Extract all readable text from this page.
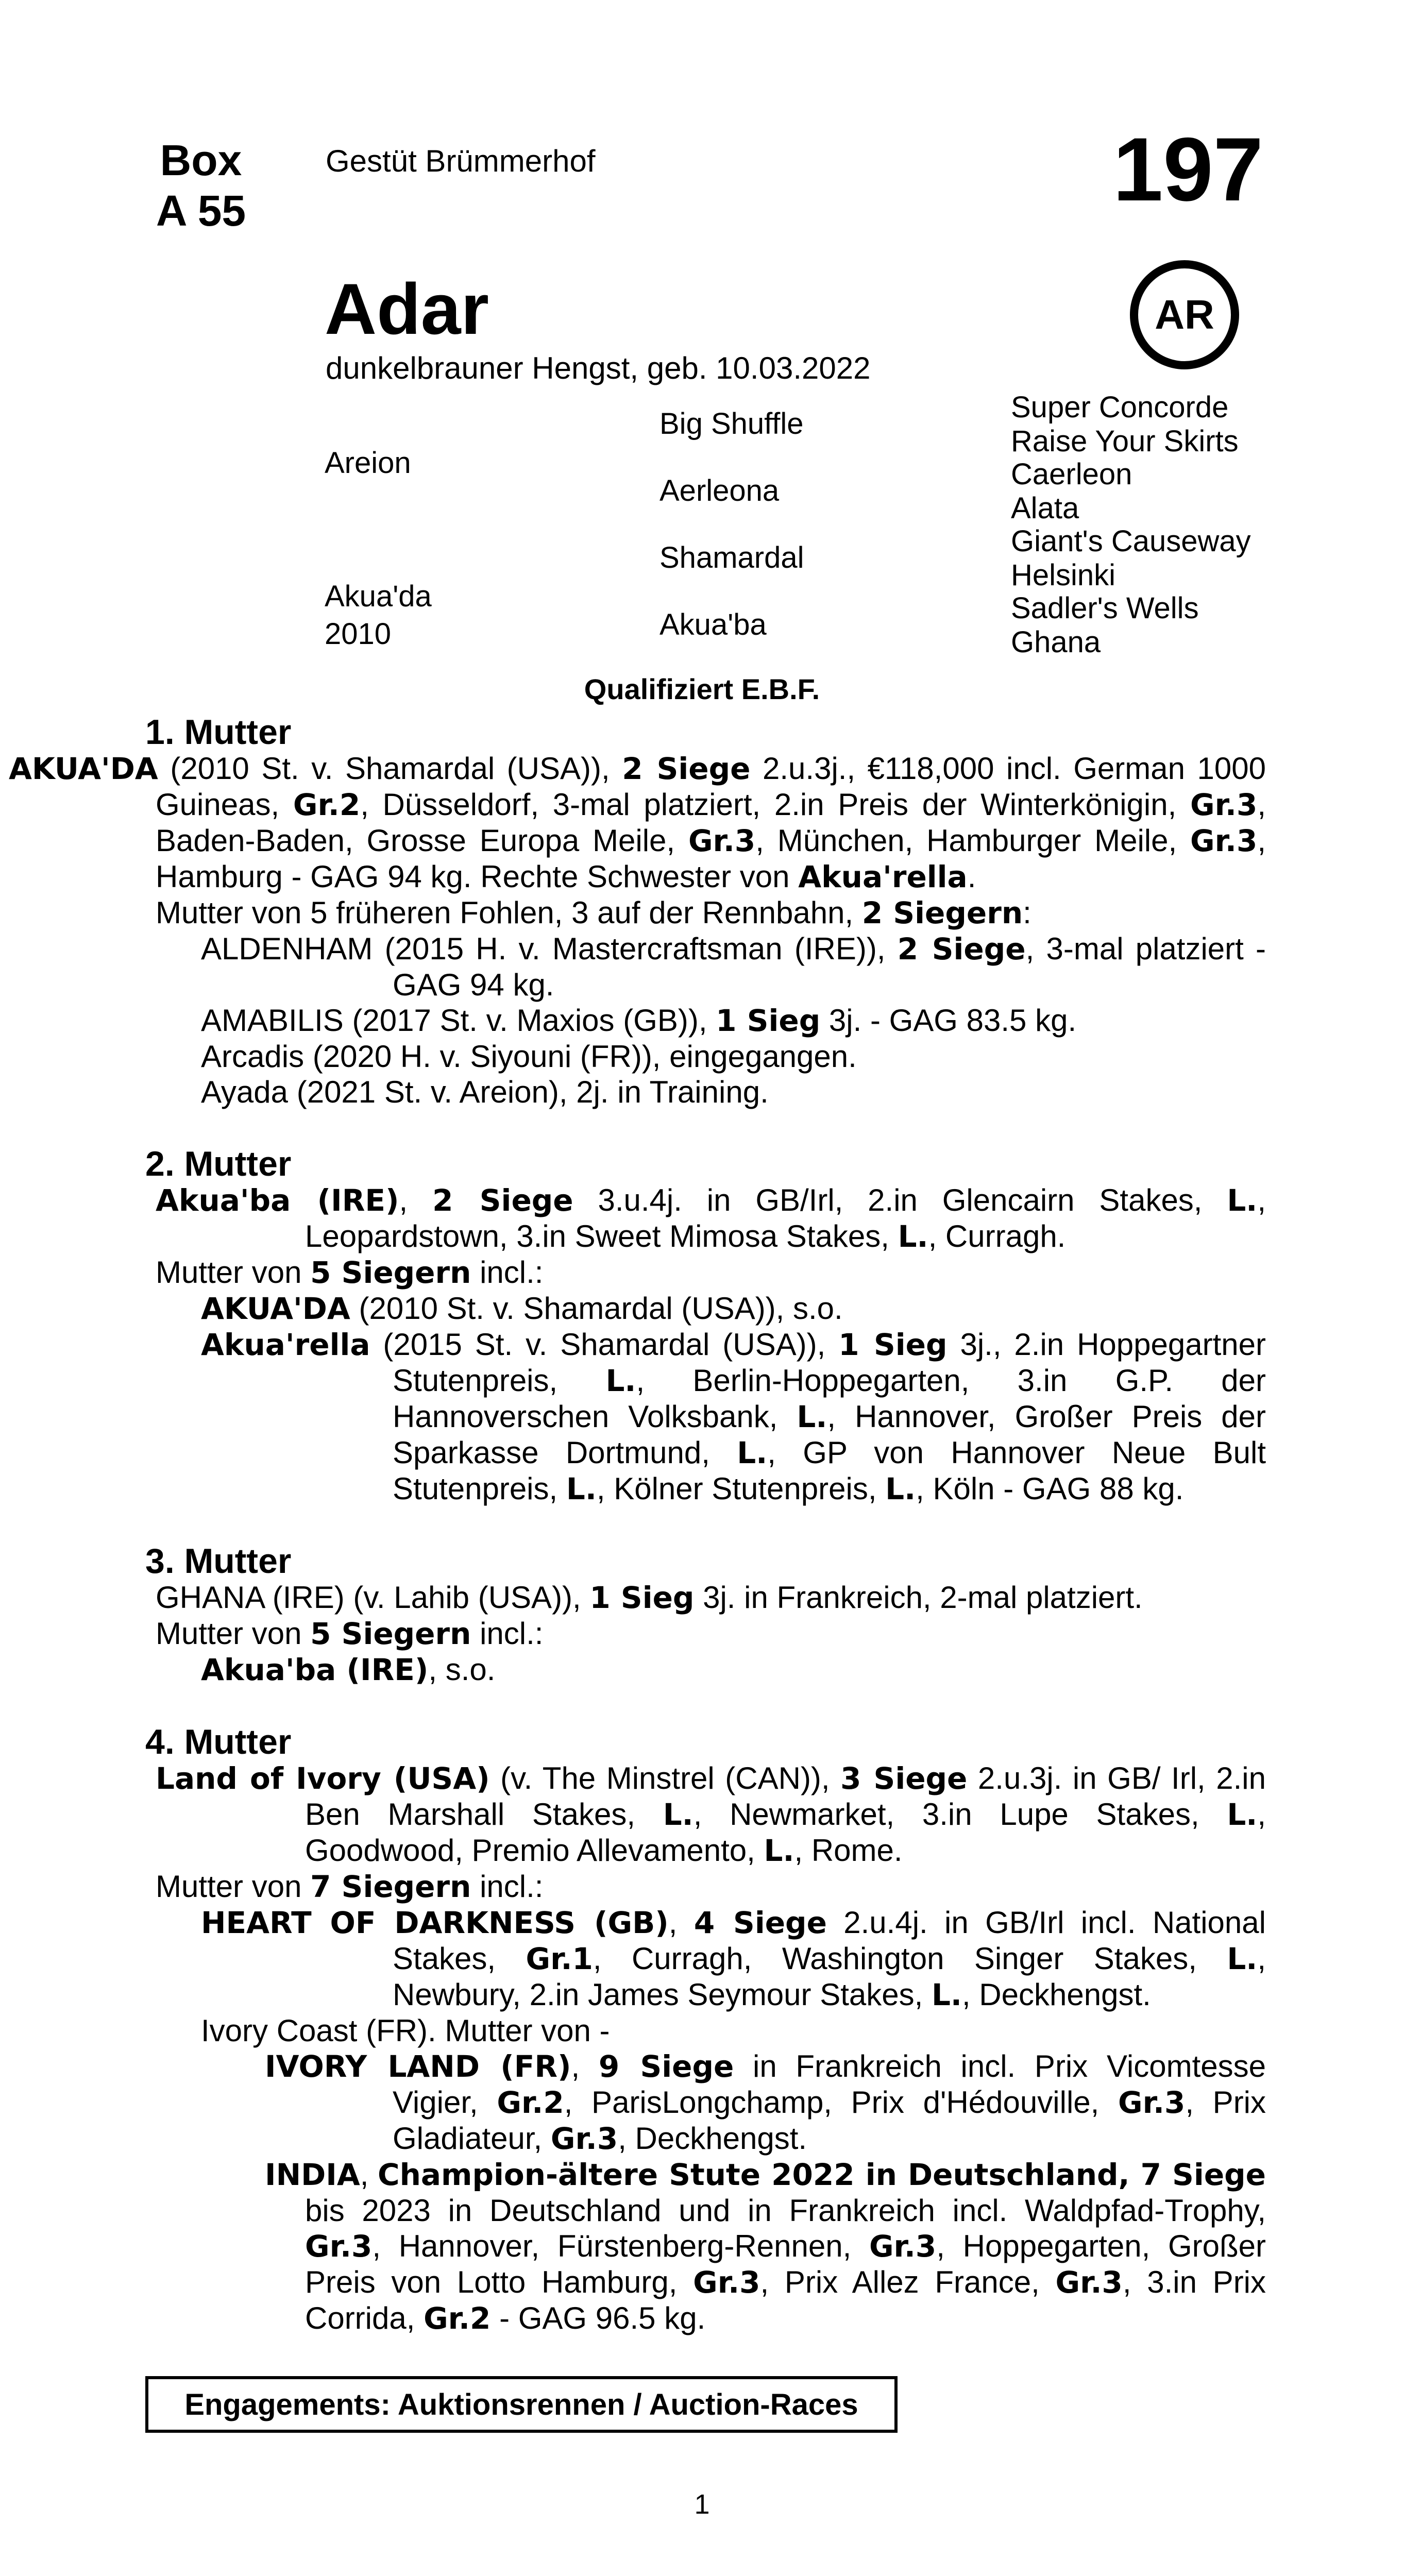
Box
A 55
Gestüt Brümmerhof	197
Adar
dunkelbrauner Hengst, geb. 10.03.2022
AR
Areion
Akua'da
2010
Big Shuffle
Aerleona
Shamardal
Akua'ba
Super Concorde
Raise Your Skirts
Caerleon
Alata
Giant's Causeway
Helsinki
Sadler's Wells
Ghana
Qualifiziert E.B.F.
1. Mutter

AKUA'DA (2010 St. v. Shamardal (USA)), 2 Siege 2.u.3j., €118,000 incl. German 1000 Guineas, Gr.2, Düsseldorf, 3-mal platziert, 2.in Preis der Winterkönigin, Gr.3, Baden-Baden, Grosse Europa Meile, Gr.3, München, Hamburger Meile, Gr.3, Hamburg - GAG 94 kg. Rechte Schwester von Akua'rella.

Mutter von 5 früheren Fohlen, 3 auf der Rennbahn, 2 Siegern:

ALDENHAM (2015 H. v. Mastercraftsman (IRE)), 2 Siege, 3-mal platziert - GAG 94 kg.

AMABILIS (2017 St. v. Maxios (GB)), 1 Sieg 3j. - GAG 83.5 kg.

Arcadis (2020 H. v. Siyouni (FR)), eingegangen.

Ayada (2021 St. v. Areion), 2j. in Training.

2. Mutter

Akua'ba (IRE), 2 Siege 3.u.4j. in GB/Irl, 2.in Glencairn Stakes, L., Leopardstown, 3.in Sweet Mimosa Stakes, L., Curragh.

Mutter von 5 Siegern incl.:

AKUA'DA (2010 St. v. Shamardal (USA)), s.o.

Akua'rella (2015 St. v. Shamardal (USA)), 1 Sieg 3j., 2.in Hoppegartner Stutenpreis, L., Berlin-Hoppegarten, 3.in G.P. der Hannoverschen Volksbank, L., Hannover, Großer Preis der Sparkasse Dortmund, L., GP von Hannover Neue Bult Stutenpreis, L., Kölner Stutenpreis, L., Köln - GAG 88 kg.

3. Mutter

GHANA (IRE) (v. Lahib (USA)), 1 Sieg 3j. in Frankreich, 2-mal platziert.

Mutter von 5 Siegern incl.:

Akua'ba (IRE), s.o.

4. Mutter

Land of Ivory (USA) (v. The Minstrel (CAN)), 3 Siege 2.u.3j. in GB/ Irl, 2.in Ben Marshall Stakes, L., Newmarket, 3.in Lupe Stakes, L., Goodwood, Premio Allevamento, L., Rome.

Mutter von 7 Siegern incl.:

HEART OF DARKNESS (GB), 4 Siege 2.u.4j. in GB/Irl incl. National Stakes, Gr.1, Curragh, Washington Singer Stakes, L., Newbury, 2.in James Seymour Stakes, L., Deckhengst.

Ivory Coast (FR). Mutter von -

IVORY LAND (FR), 9 Siege in Frankreich incl. Prix Vicomtesse Vigier, Gr.2, ParisLongchamp, Prix d'Hédouville, Gr.3, Prix Gladiateur, Gr.3, Deckhengst.

INDIA, Champion-ältere Stute 2022 in Deutschland, 7 Siege bis 2023 in Deutschland und in Frankreich incl. Waldpfad-Trophy, Gr.3, Hannover, Fürstenberg-Rennen, Gr.3, Hoppegarten, Großer Preis von Lotto Hamburg, Gr.3, Prix Allez France, Gr.3, 3.in Prix Corrida, Gr.2 - GAG 96.5 kg.

Engagements: Auktionsrennen / Auction-Races
1
